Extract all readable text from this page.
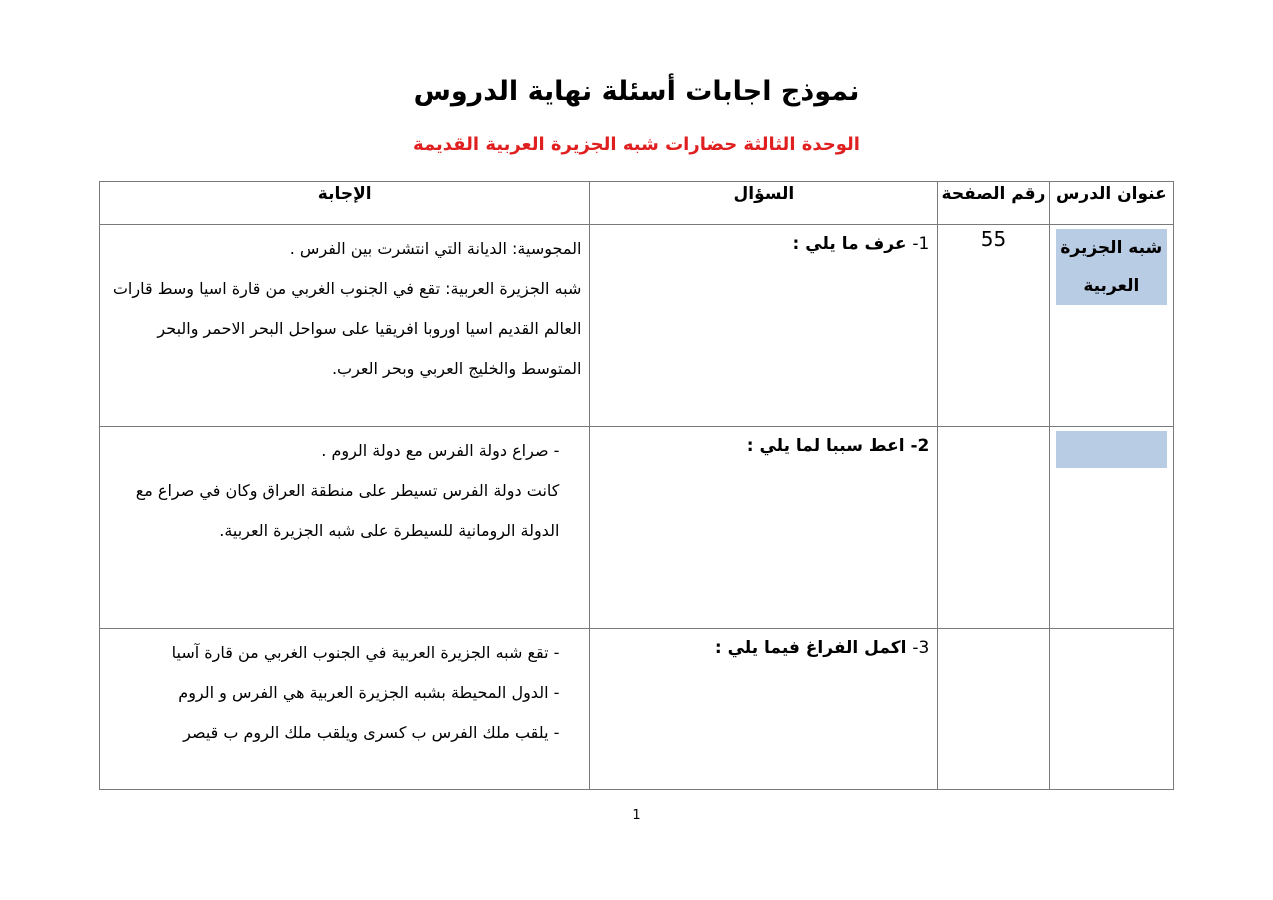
نموذج اجابات أسئلة نهاية الدروس
الوحدة الثالثة حضارات شبه الجزيرة العربية القديمة
عنوان الدرس	رقم الصفحة	السؤال	الإجابة

شبه الجزيرة العربية	55	1- عرف ما يلي :	المجوسية: الديانة التي انتشرت بين الفرس .

شبه الجزيرة العربية: تقع في الجنوب الغربي من قارة اسيا وسط قارات العالم القديم اسيا اوروبا افريقيا على سواحل البحر الاحمر والبحر المتوسط والخليج العربي وبحر العرب.

		2- اعط سببا لما يلي :	- صراع دولة الفرس مع دولة الروم .

كانت دولة الفرس تسيطر على منطقة العراق وكان في صراع مع الدولة الرومانية للسيطرة على شبه الجزيرة العربية.

		3- اكمل الفراغ فيما يلي :	- تقع شبه الجزيرة العربية في الجنوب الغربي من قارة آسيا

- الدول المحيطة بشبه الجزيرة العربية هي الفرس و الروم

- يلقب ملك الفرس ب كسرى ويلقب ملك الروم ب قيصر

1
